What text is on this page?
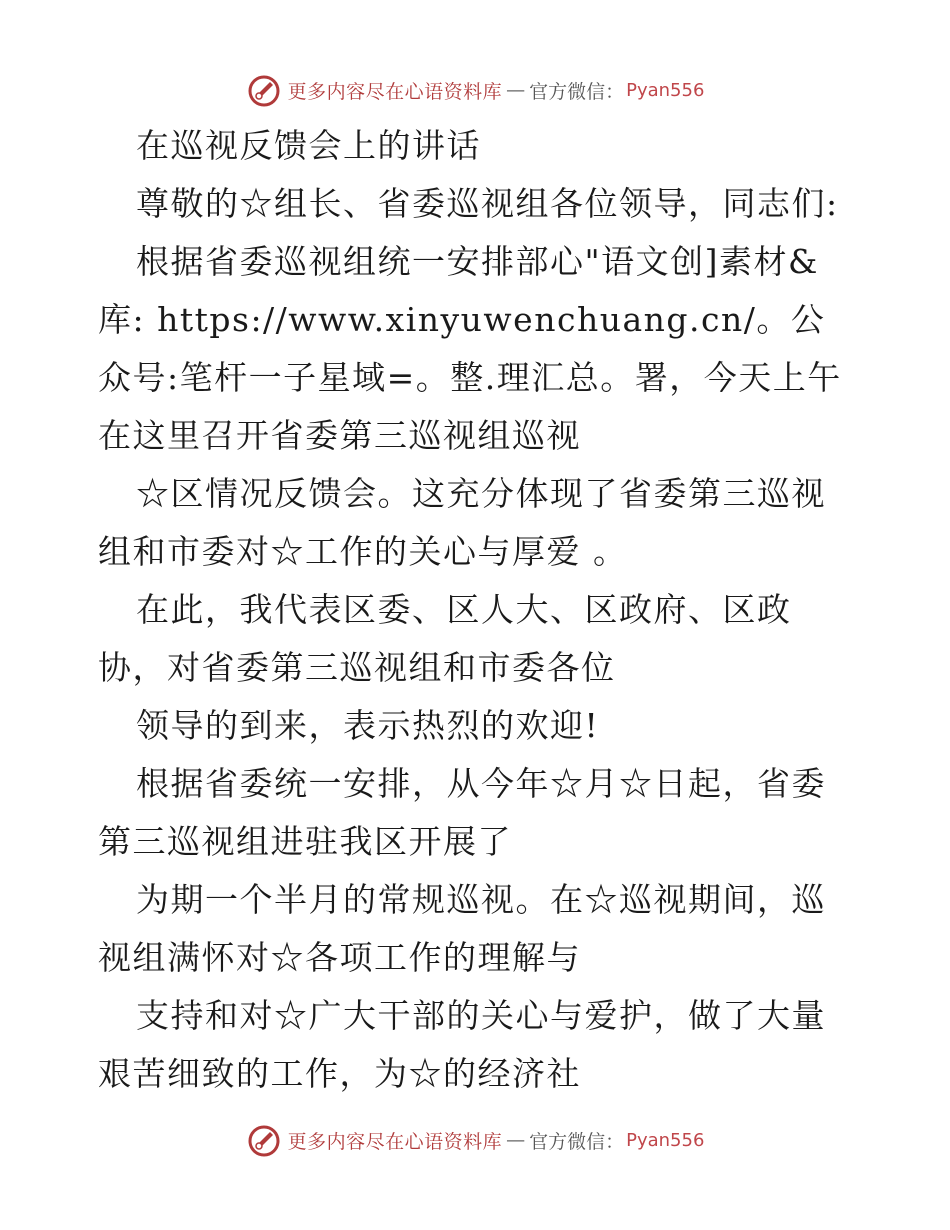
更多内容尽在心语资料库 — 官方微信： Pyan556

在巡视反馈会上的讲话

尊敬的☆组长、省委巡视组各位领导，同志们:

根据省委巡视组统一安排部心"语文创]素材&库: https://www.xinyuwenchuang.cn/。公众号:笔杆一子星域=。整.理汇总。署，今天上午在这里召开省委第三巡视组巡视

☆区情况反馈会。这充分体现了省委第三巡视组和市委对☆工作的关心与厚爱 。

在此，我代表区委、区人大、区政府、区政协，对省委第三巡视组和市委各位

领导的到来，表示热烈的欢迎!

根据省委统一安排，从今年☆月☆日起，省委第三巡视组进驻我区开展了

为期一个半月的常规巡视。在☆巡视期间，巡视组满怀对☆各项工作的理解与

支持和对☆广大干部的关心与爱护，做了大量艰苦细致的工作，为☆的经济社

更多内容尽在心语资料库 — 官方微信： Pyan556
